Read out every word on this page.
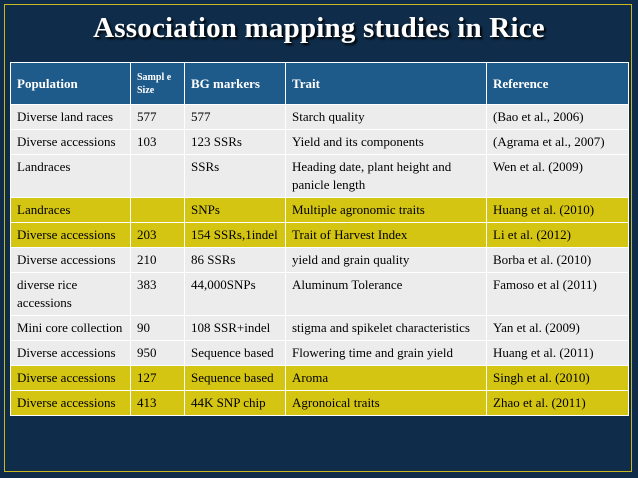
Association mapping studies in Rice
Population	Sampl e Size	BG markers	Trait	Reference
Diverse land races	577	577	Starch quality	(Bao et al., 2006)
Diverse accessions	103	123 SSRs	Yield and its components	(Agrama et al., 2007)
Landraces		SSRs	Heading date, plant height and panicle length	Wen et al. (2009)
Landraces		SNPs	Multiple agronomic traits	Huang et al. (2010)
Diverse accessions	203	154 SSRs,1indel	Trait of Harvest Index	Li et al. (2012)
Diverse accessions	210	86 SSRs	yield and grain quality	Borba et al. (2010)
diverse rice accessions	383	44,000SNPs	Aluminum Tolerance	Famoso et al (2011)
Mini core collection	90	108 SSR+indel	stigma and spikelet characteristics	Yan et al. (2009)
Diverse accessions	950	Sequence based	Flowering time and grain yield	Huang et al. (2011)
Diverse accessions	127	Sequence based	Aroma	Singh et al. (2010)
Diverse accessions	413	44K SNP chip	Agronoical traits	Zhao et al. (2011)
